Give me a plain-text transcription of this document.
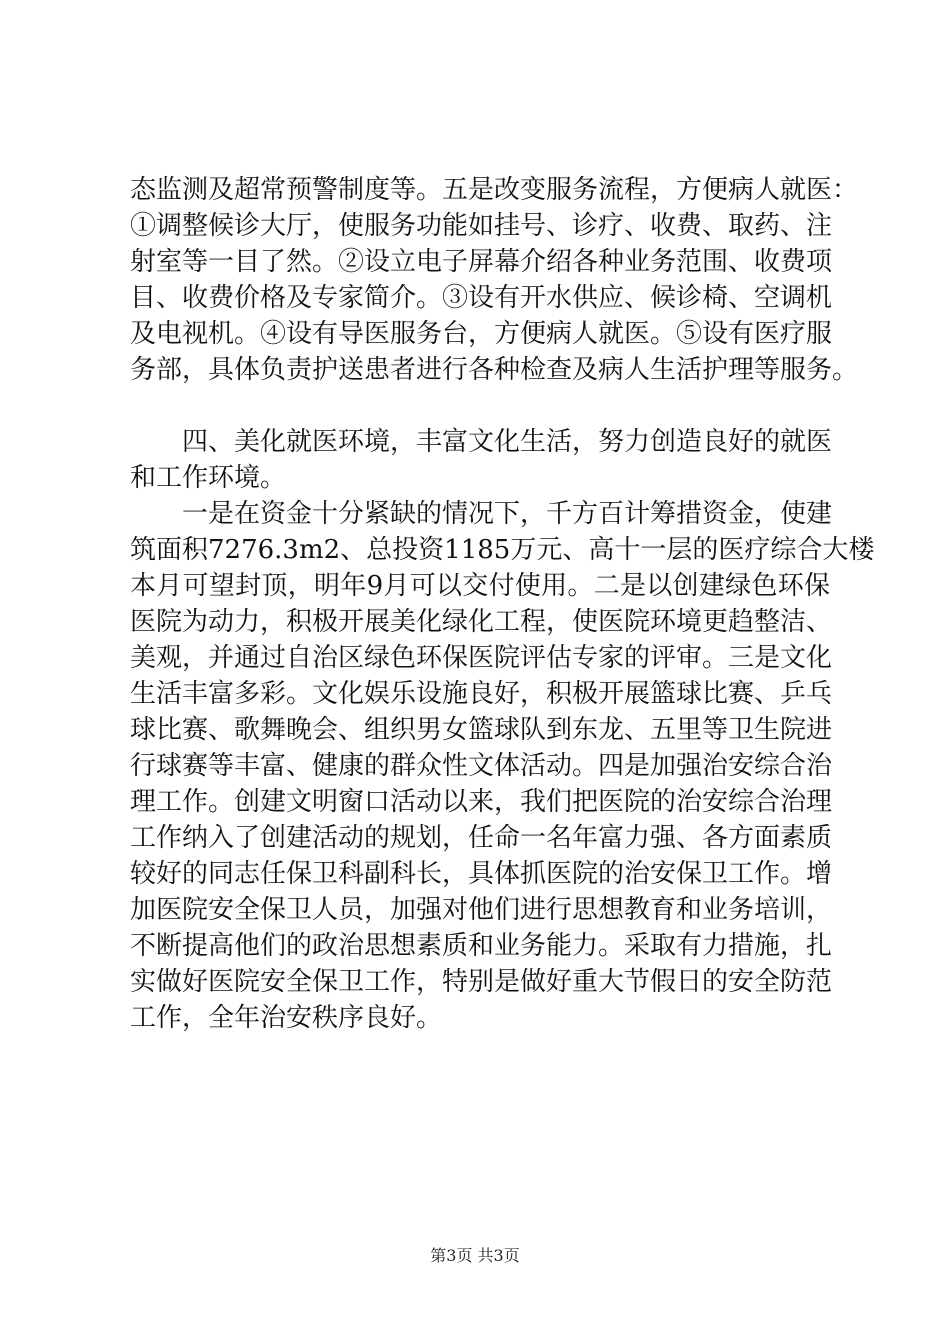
态监测及超常预警制度等。五是改变服务流程，方便病人就医：
①调整候诊大厅，使服务功能如挂号、诊疗、收费、取药、注
射室等一目了然。②设立电子屏幕介绍各种业务范围、收费项
目、收费价格及专家简介。③设有开水供应、候诊椅、空调机
及电视机。④设有导医服务台，方便病人就医。⑤设有医疗服
务部，具体负责护送患者进行各种检查及病人生活护理等服务。
　　四、美化就医环境，丰富文化生活，努力创造良好的就医
和工作环境。
　　一是在资金十分紧缺的情况下，千方百计筹措资金，使建
筑面积7276.3m2、总投资1185万元、高十一层的医疗综合大楼
本月可望封顶，明年9月可以交付使用。二是以创建绿色环保
医院为动力，积极开展美化绿化工程，使医院环境更趋整洁、
美观，并通过自治区绿色环保医院评估专家的评审。三是文化
生活丰富多彩。文化娱乐设施良好，积极开展篮球比赛、乒乓
球比赛、歌舞晚会、组织男女篮球队到东龙、五里等卫生院进
行球赛等丰富、健康的群众性文体活动。四是加强治安综合治
理工作。创建文明窗口活动以来，我们把医院的治安综合治理
工作纳入了创建活动的规划，任命一名年富力强、各方面素质
较好的同志任保卫科副科长，具体抓医院的治安保卫工作。增
加医院安全保卫人员，加强对他们进行思想教育和业务培训，
不断提高他们的政治思想素质和业务能力。采取有力措施，扎
实做好医院安全保卫工作，特别是做好重大节假日的安全防范
工作，全年治安秩序良好。
第3页 共3页
